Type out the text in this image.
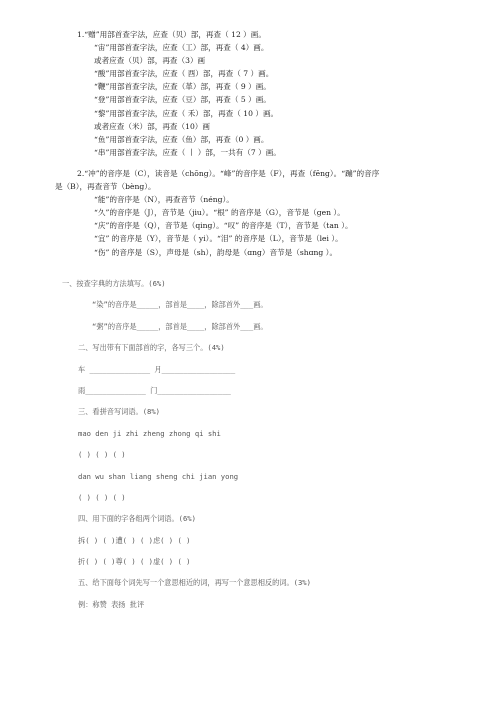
1.“赠”用部首查字法，应查（贝）部，再查（ 12 ）画。
“宙”用部首查字法，应查（工）部，再查（ 4）画。
或者应查（贝）部，再查（3）画
“酸”用部首查字法，应查（ 酉）部，再查（ 7 ）画。
“鞭”用部首查字法，应查（革）部，再查（ 9 ）画。
“登”用部首查字法，应查（豆）部，再查（ 5 ）画。
“黎”用部首查字法，应查（ 禾）部，再查（ 10 ）画。
或者应查（米）部，再查（10）画
“鱼”用部首查字法，应查（鱼）部，再查（0 ）画。
“串”用部首查字法，应查（ 丨 ）部，一共有（7 ）画。
2.“冲”的音序是（C），读音是（chōng）。“峰”的音序是（F），再查（fēng）。“蹦”的音序
是（B），再查音节（bèng）。
“能”的音序是（N），再查音节（néng）。
“久”的音序是（J），音节是（jiu）。“根” 的音序是（G），音节是（gen ）。
“庆”的音序是（Q），音节是（qing）。“叹” 的音序是（T），音节是（tan ）。
“宜” 的音序是（Y），音节是（ yi）。“泪” 的音序是（L），音节是（lei ）。
“伤” 的音序是（S），声母是（sh），韵母是（ɑng）音节是（shɑng ）。
一、按查字典的方法填写。(6%)
“染”的音序是_____，部首是____，除部首外___画。
“粥”的音序是_____，部首是____，除部首外___画。
二、写出带有下面部首的字，各写三个。(4%)
车 ______________ 月_________________
雨______________ 门_________________
三、看拼音写词语。(8%)
mao den ji zhi zheng zhong qi shi
( ) ( ) ( )
dan wu shan liang sheng chi jian yong
( ) ( ) ( )
四、用下面的字各组两个词语。(6%)
拆( ) ( )遭( ) ( )虑( ) ( )
折( ) ( )尊( ) ( )虚( ) ( )
五、给下面每个词先写一个意思相近的词，再写一个意思相反的词。(3%)
例：称赞 表扬 批评
